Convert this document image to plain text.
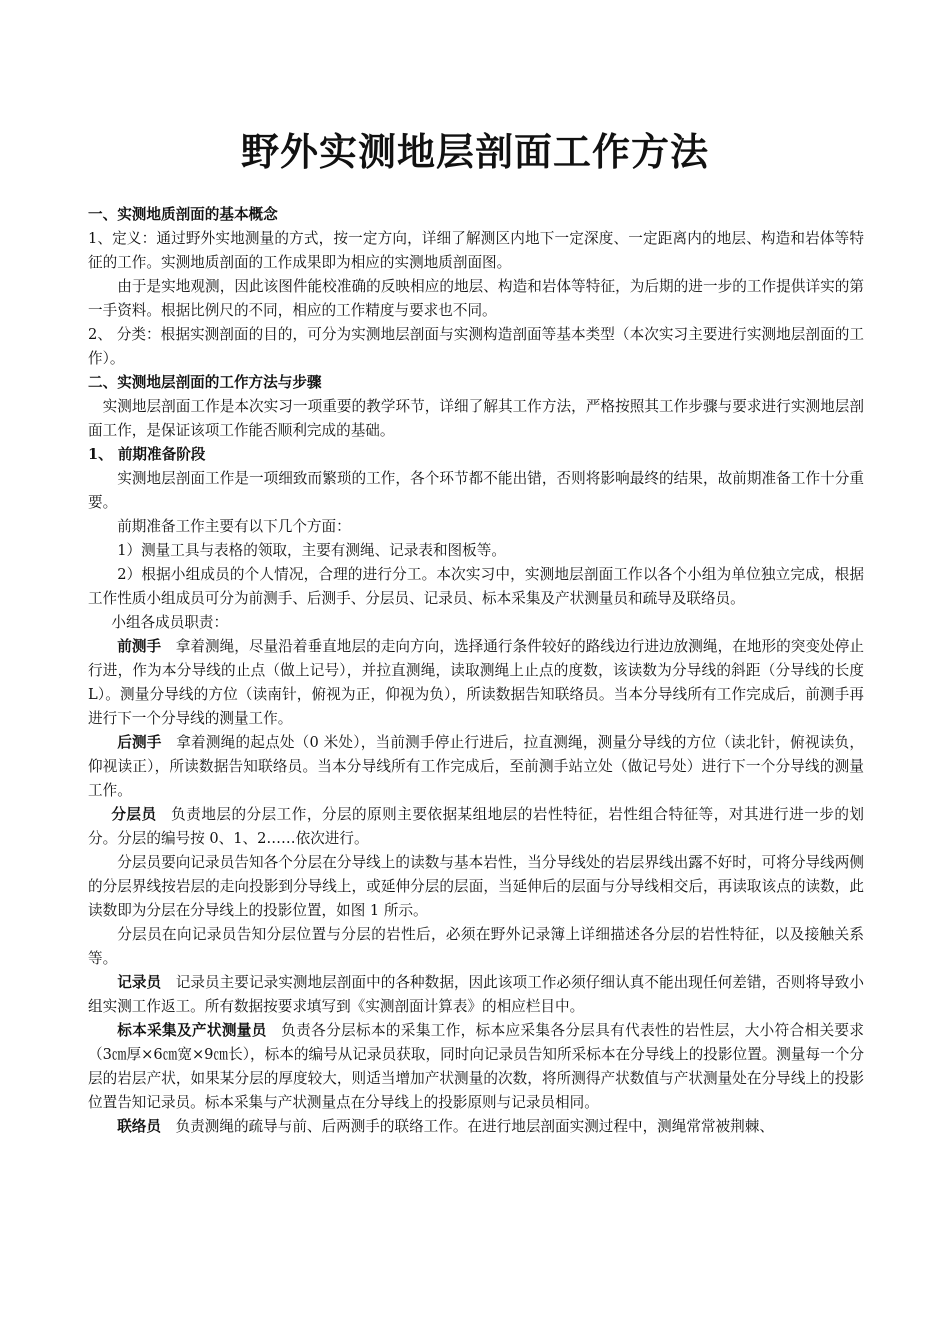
野外实测地层剖面工作方法

一、实测地质剖面的基本概念

1、定义：通过野外实地测量的方式，按一定方向，详细了解测区内地下一定深度、一定距离内的地层、构造和岩体等特征的工作。实测地质剖面的工作成果即为相应的实测地质剖面图。

由于是实地观测，因此该图件能校准确的反映相应的地层、构造和岩体等特征，为后期的进一步的工作提供详实的第一手资料。根据比例尺的不同，相应的工作精度与要求也不同。

2、 分类：根据实测剖面的目的，可分为实测地层剖面与实测构造剖面等基本类型（本次实习主要进行实测地层剖面的工作）。

二、实测地层剖面的工作方法与步骤

实测地层剖面工作是本次实习一项重要的教学环节，详细了解其工作方法，严格按照其工作步骤与要求进行实测地层剖面工作，是保证该项工作能否顺利完成的基础。

1、 前期准备阶段

实测地层剖面工作是一项细致而繁琐的工作，各个环节都不能出错，否则将影响最终的结果，故前期准备工作十分重要。

前期准备工作主要有以下几个方面：

1）测量工具与表格的领取，主要有测绳、记录表和图板等。

2）根据小组成员的个人情况，合理的进行分工。本次实习中，实测地层剖面工作以各个小组为单位独立完成，根据工作性质小组成员可分为前测手、后测手、分层员、记录员、标本采集及产状测量员和疏导及联络员。

小组各成员职责：

前测手 拿着测绳，尽量沿着垂直地层的走向方向，选择通行条件较好的路线边行进边放测绳，在地形的突变处停止行进，作为本分导线的止点（做上记号），并拉直测绳，读取测绳上止点的度数，该读数为分导线的斜距（分导线的长度 L）。测量分导线的方位（读南针，俯视为正，仰视为负），所读数据告知联络员。当本分导线所有工作完成后，前测手再进行下一个分导线的测量工作。

后测手 拿着测绳的起点处（0 米处），当前测手停止行进后，拉直测绳，测量分导线的方位（读北针，俯视读负，仰视读正），所读数据告知联络员。当本分导线所有工作完成后，至前测手站立处（做记号处）进行下一个分导线的测量工作。

分层员 负责地层的分层工作，分层的原则主要依据某组地层的岩性特征，岩性组合特征等，对其进行进一步的划分。分层的编号按 0、1、2……依次进行。

分层员要向记录员告知各个分层在分导线上的读数与基本岩性，当分导线处的岩层界线出露不好时，可将分导线两侧的分层界线按岩层的走向投影到分导线上，或延伸分层的层面，当延伸后的层面与分导线相交后，再读取该点的读数，此读数即为分层在分导线上的投影位置，如图 1 所示。

分层员在向记录员告知分层位置与分层的岩性后，必须在野外记录簿上详细描述各分层的岩性特征，以及接触关系等。

记录员 记录员主要记录实测地层剖面中的各种数据，因此该项工作必须仔细认真不能出现任何差错，否则将导致小组实测工作返工。所有数据按要求填写到《实测剖面计算表》的相应栏目中。

标本采集及产状测量员 负责各分层标本的采集工作，标本应采集各分层具有代表性的岩性层，大小符合相关要求（3㎝厚×6㎝宽×9㎝长），标本的编号从记录员获取，同时向记录员告知所采标本在分导线上的投影位置。测量每一个分层的岩层产状，如果某分层的厚度较大，则适当增加产状测量的次数，将所测得产状数值与产状测量处在分导线上的投影位置告知记录员。标本采集与产状测量点在分导线上的投影原则与记录员相同。

联络员 负责测绳的疏导与前、后两测手的联络工作。在进行地层剖面实测过程中，测绳常常被荆棘、
